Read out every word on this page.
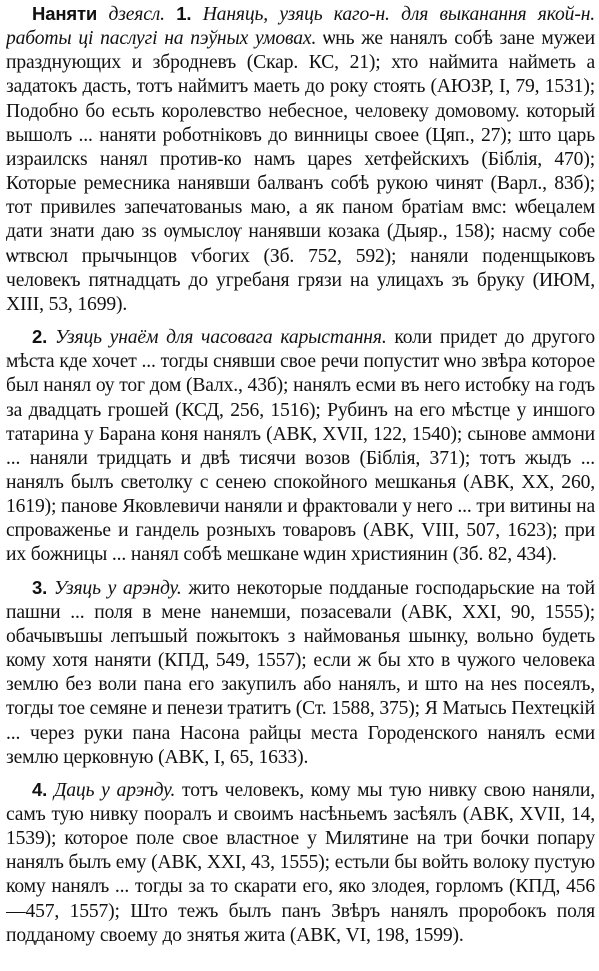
Наняти дзеясл. 1. Наняць, узяць каго-н. для выканання якой-н. работы ці паслугі на пэўных умовах. ѡнь же нанялъ собѣ зане мужеи празднующих и збродневъ (Скар. КС, 21); хто наймита найметь а задатокъ дасть, тотъ наймитъ маеть до року стоять (АЮЗР, I, 79, 1531); Подобно бо есьть королевство небесное, человеку домовому. который вышолъ ... наняти роботніковъ до винницы своее (Цяп., 27); што царь израилскs нанял против-ко намъ цареs хетфейскихъ (Біблія, 470); Которые ремесника нанявши балванъ собѣ рукою чинят (Варл., 83б); тот привилеs запечатованыs маю, а як паном братіам вмс: ѡбецалем дати знати даю зs ѹмыслѹ нанявши козака (Дыяр., 158); насму собе ѡтвсюл прычынцов ѵбогих (Зб. 752, 592); наняли поденщыковъ человекъ пятнадцать до угребаня грязи на улицахъ зъ бруку (ИЮМ, XIII, 53, 1699).

2. Узяць унаём для часовага карыстання. коли придет до другого мѣста кде хочет ... тогды снявши свое речи попустит ѡно звѣра которое был нанял оу тог дом (Валх., 43б); нанялъ есми въ него истобку на годъ за двадцать грошей (КСД, 256, 1516); Рубинъ на его мѣстце у иншого татарина у Барана коня нанялъ (АВК, XVII, 122, 1540); сынове аммони ... наняли тридцать и двѣ тисячи возов (Біблія, 371); тотъ жыдъ ... нанялъ былъ светолку с сенею спокойного мешканья (АВК, XX, 260, 1619); панове Яковлевичи наняли и фрактовали у него ... три витины на спроваженье и гандель розныхъ товаровъ (АВК, VIII, 507, 1623); при их божницы ... нанял собѣ мешкане ѡдин християнин (Зб. 82, 434).

3. Узяць у арэнду. жито некоторые подданые господарьские на той пашни ... поля в мене нанемши, позасевали (АВК, XXI, 90, 1555); обачывъшы лепъшый пожытокъ з наймованья шынку, вольно будеть кому хотя наняти (КПД, 549, 1557); если ж бы хто в чужого человека землю без воли пана его закупилъ або нанялъ, и што на неs посеялъ, тогды тое семяне и пенези тратитъ (Ст. 1588, 375); Я Матысь Пехтецкій ... через руки пана Насона райцы места Городенского нанялъ есми землю церковную (АВК, I, 65, 1633).

4. Даць у арэнду. тотъ человекъ, кому мы тую нивку свою наняли, самъ тую нивку пооралъ и своимъ насѣньемъ засѣялъ (АВК, XVII, 14, 1539); которое поле свое властное у Милятине на три бочки попару нанялъ былъ ему (АВК, XXI, 43, 1555); естьли бы войть волоку пустую кому нанялъ ... тогды за то скарати его, яко злодея, горломъ (КПД, 456—457, 1557); Што тежъ былъ панъ Звѣръ нанялъ проробокъ поля подданому своему до знятья жита (АВК, VI, 198, 1599).
